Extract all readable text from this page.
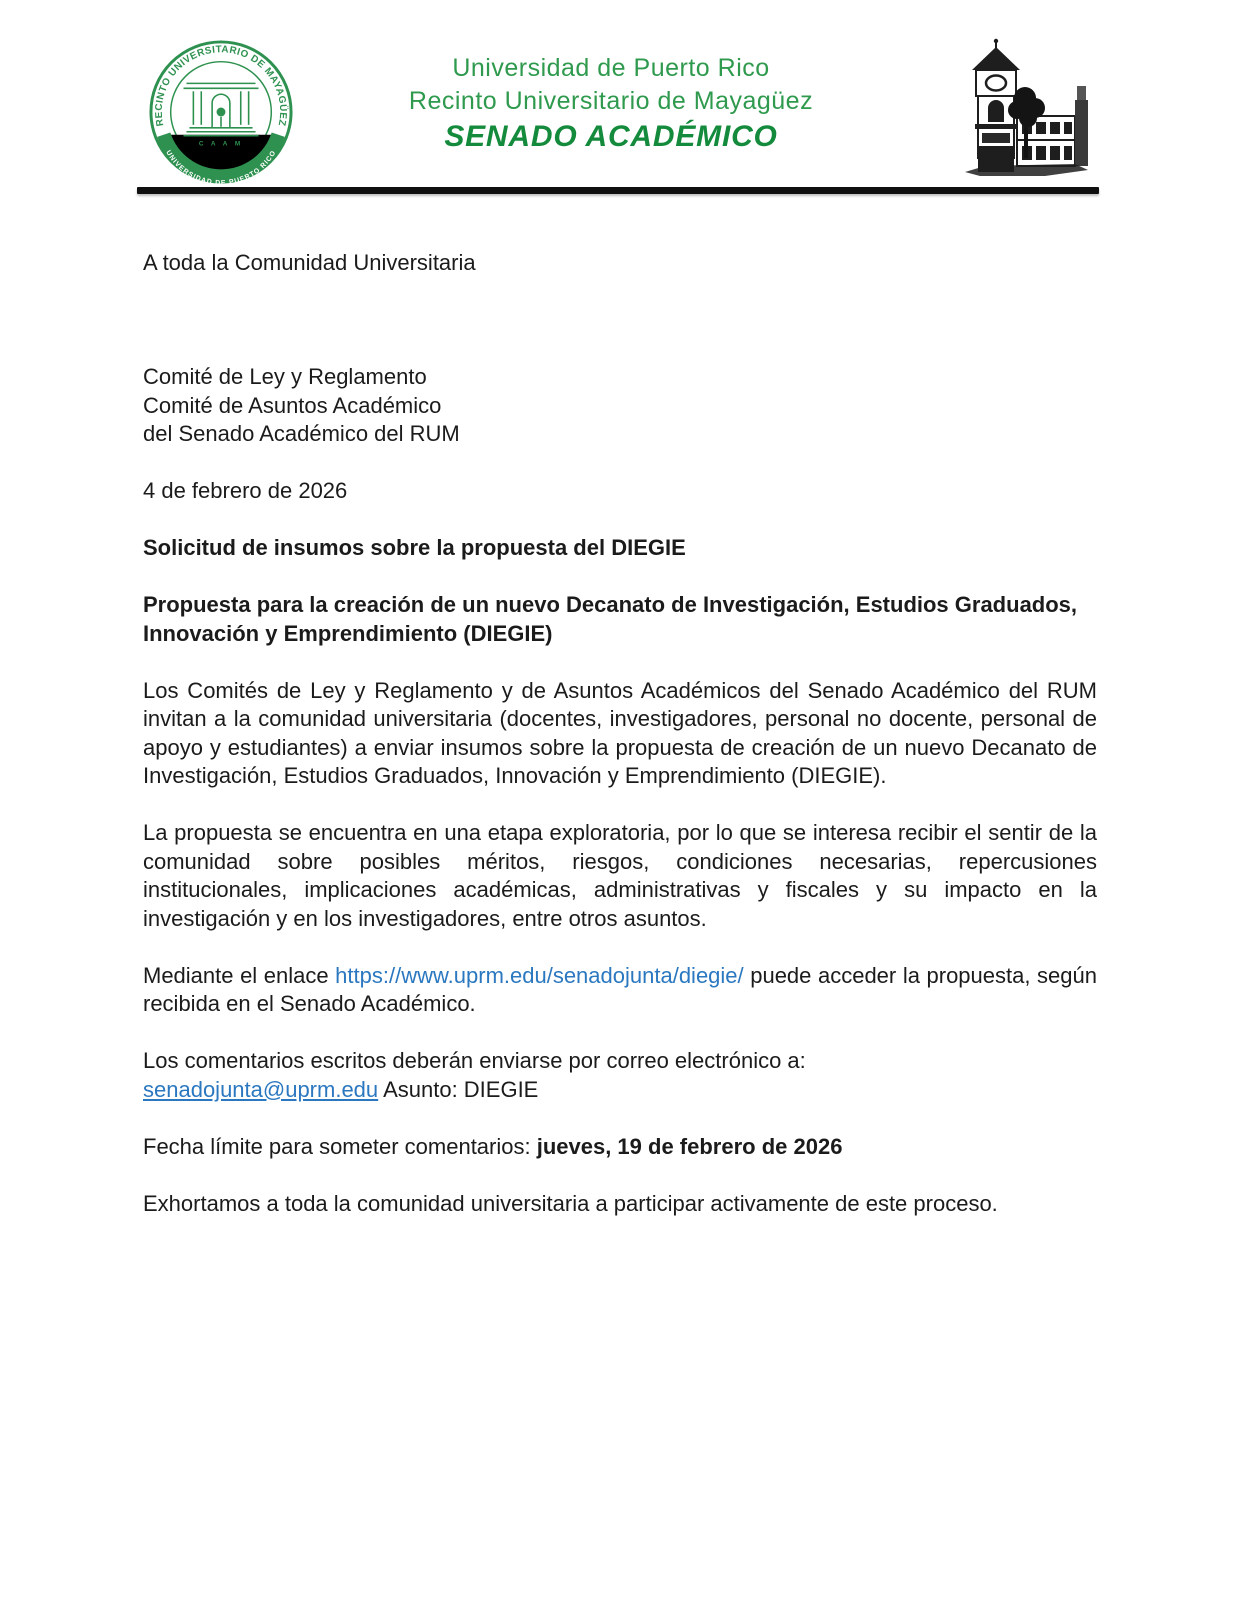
RECINTO UNIVERSITARIO DE MAYAGÜEZ
UNIVERSIDAD DE PUERTO RICO
C A A M
Universidad de Puerto Rico
Recinto Universitario de Mayagüez
SENADO ACADÉMICO
A toda la Comunidad Universitaria
Comité de Ley y Reglamento
Comité de Asuntos Académico
del Senado Académico del RUM
4 de febrero de 2026
Solicitud de insumos sobre la propuesta del DIEGIE
Propuesta para la creación de un nuevo Decanato de Investigación, Estudios Graduados, Innovación y Emprendimiento (DIEGIE)
Los Comités de Ley y Reglamento y de Asuntos Académicos del Senado Académico del RUM invitan a la comunidad universitaria (docentes, investigadores, personal no docente, personal de apoyo y estudiantes) a enviar insumos sobre la propuesta de creación de un nuevo Decanato de Investigación, Estudios Graduados, Innovación y Emprendimiento (DIEGIE).
La propuesta se encuentra en una etapa exploratoria, por lo que se interesa recibir el sentir de la comunidad sobre posibles méritos, riesgos, condiciones necesarias, repercusiones institucionales, implicaciones académicas, administrativas y fiscales y su impacto en la investigación y en los investigadores, entre otros asuntos.
Mediante el enlace https://www.uprm.edu/senadojunta/diegie/ puede acceder la propuesta, según recibida en el Senado Académico.
Los comentarios escritos deberán enviarse por correo electrónico a:
senadojunta@uprm.edu Asunto: DIEGIE
Fecha límite para someter comentarios: jueves, 19 de febrero de 2026
Exhortamos a toda la comunidad universitaria a participar activamente de este proceso.
